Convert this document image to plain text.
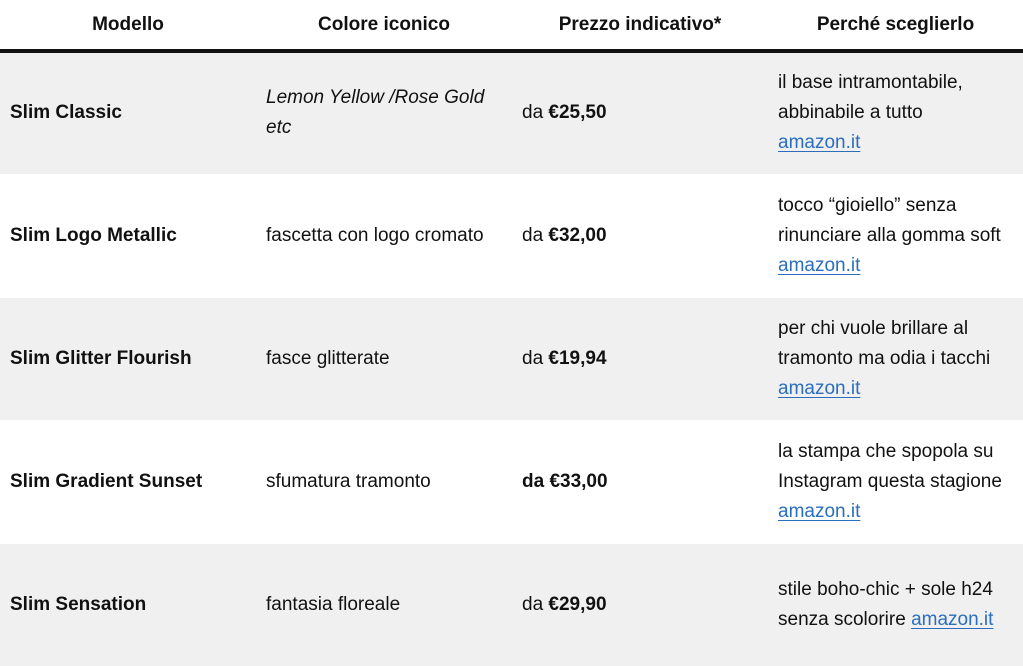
Modello	Colore iconico	Prezzo indicativo*	Perché sceglierlo
Slim Classic	Lemon Yellow /Rose Gold etc	da €25,50	il base intramontabile, abbinabile a tutto amazon.it
Slim Logo Metallic	fascetta con logo cromato	da €32,00	tocco “gioiello” senza rinunciare alla gomma soft amazon.it
Slim Glitter Flourish	fasce glitterate	da €19,94	per chi vuole brillare al tramonto ma odia i tacchi amazon.it
Slim Gradient Sunset	sfumatura tramonto	da €33,00	la stampa che spopola su Instagram questa stagione amazon.it
Slim Sensation	fantasia floreale	da €29,90	stile boho-chic + sole h24 senza scolorire amazon.it
